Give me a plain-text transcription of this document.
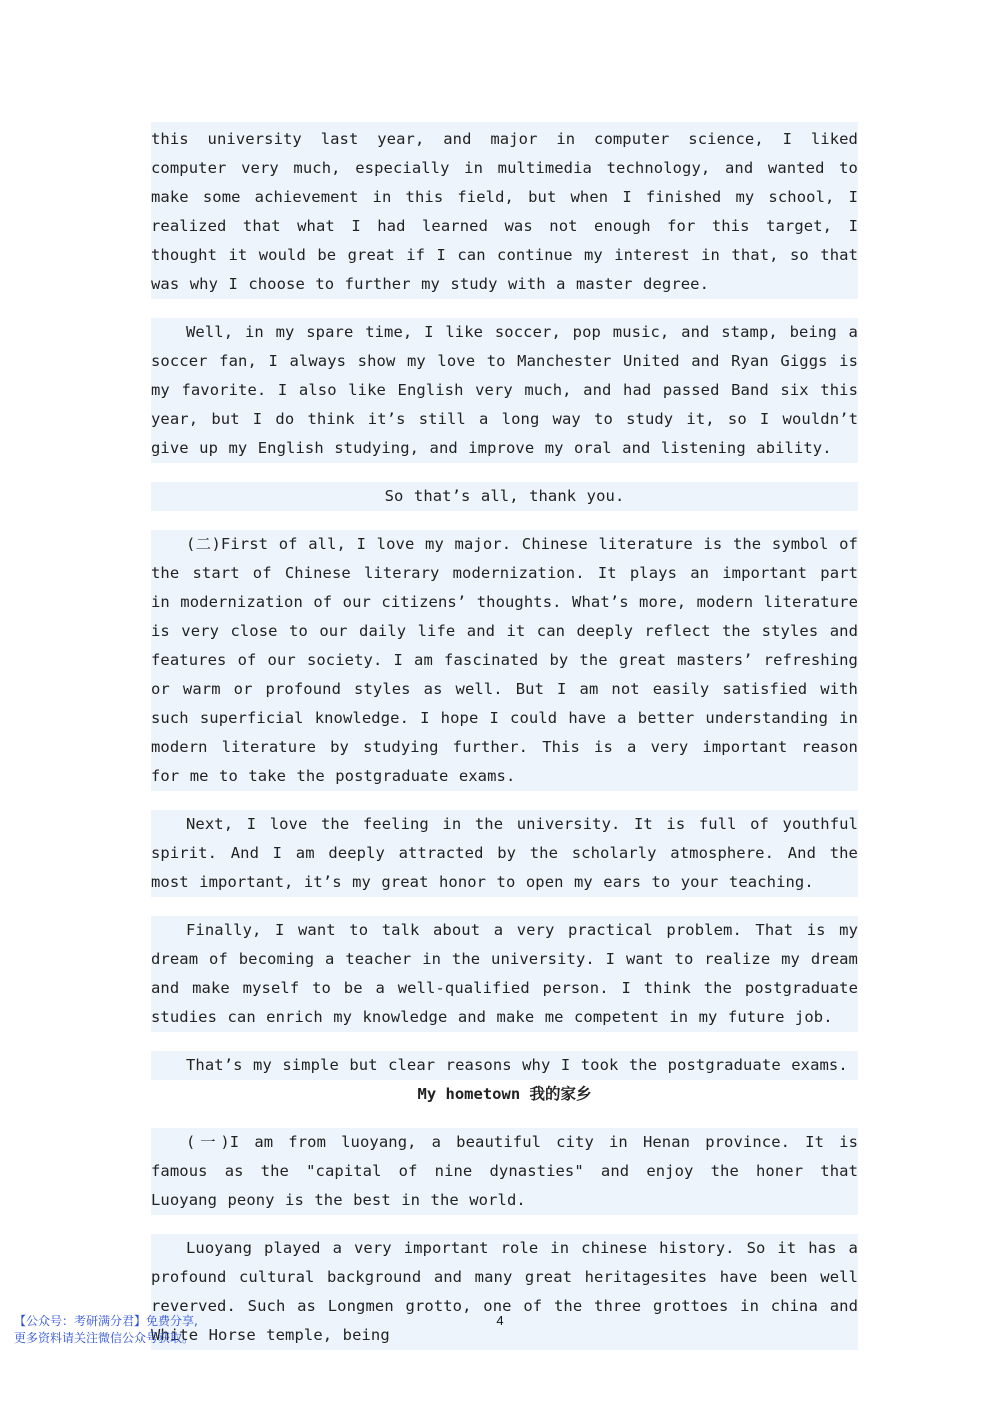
this university last year, and major in computer science, I liked computer very much, especially in multimedia technology, and wanted to make some achievement in this field, but when I finished my school, I realized that what I had learned was not enough for this target, I thought it would be great if I can continue my interest in that, so that was why I choose to further my study with a master degree.

Well, in my spare time, I like soccer, pop music, and stamp, being a soccer fan, I always show my love to Manchester United and Ryan Giggs is my favorite. I also like English very much, and had passed Band six this year, but I do think it’s still a long way to study it, so I wouldn’t give up my English studying, and improve my oral and listening ability.

So that’s all, thank you.

(二)First of all, I love my major. Chinese literature is the symbol of the start of Chinese literary modernization. It plays an important part in modernization of our citizens’ thoughts. What’s more, modern literature is very close to our daily life and it can deeply reflect the styles and features of our society. I am fascinated by the great masters’ refreshing or warm or profound styles as well. But I am not easily satisfied with such superficial knowledge. I hope I could have a better understanding in modern literature by studying further. This is a very important reason for me to take the postgraduate exams.

Next, I love the feeling in the university. It is full of youthful spirit. And I am deeply attracted by the scholarly atmosphere. And the most important, it’s my great honor to open my ears to your teaching.

Finally, I want to talk about a very practical problem. That is my dream of becoming a teacher in the university. I want to realize my dream and make myself to be a well-qualified person. I think the postgraduate studies can enrich my knowledge and make me competent in my future job.

That’s my simple but clear reasons why I took the postgraduate exams.

My hometown 我的家乡

(一)I am from luoyang, a beautiful city in Henan province. It is famous as the "capital of nine dynasties" and enjoy the honer that Luoyang peony is the best in the world.

Luoyang played a very important role in chinese history. So it has a profound cultural background and many great heritagesites have been well reverved. Such as Longmen grotto, one of the three grottoes in china and White Horse temple, being

【公众号：考研满分君】免费分享,
更多资料请关注微信公众号获取。
4
